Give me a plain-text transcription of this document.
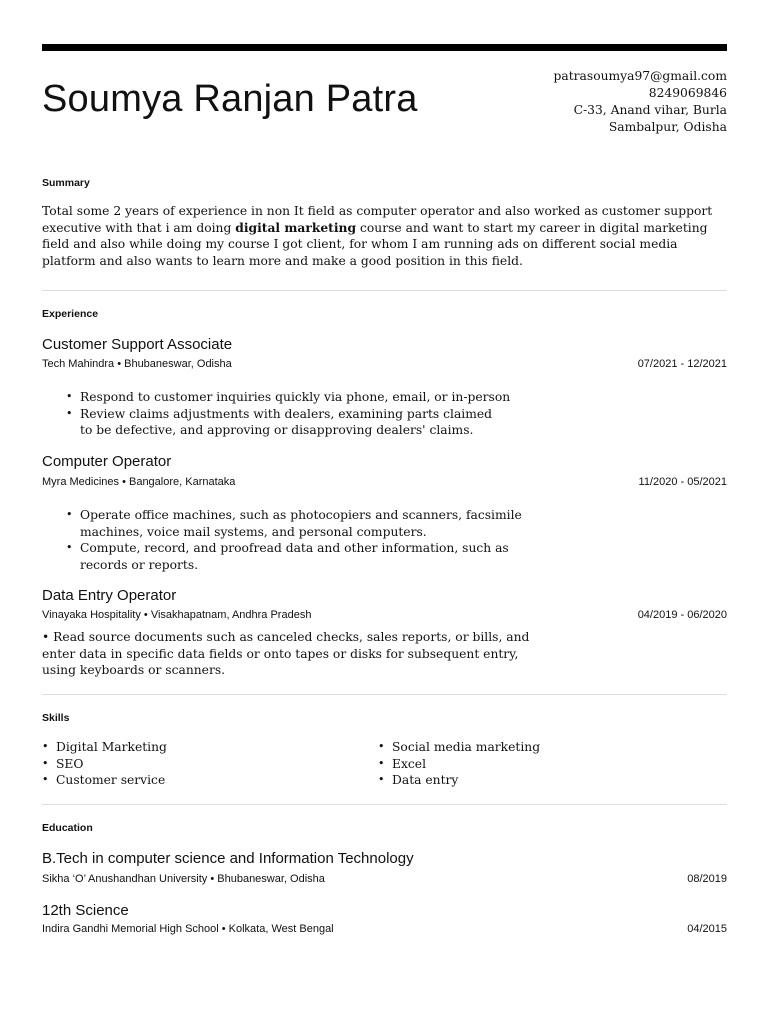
Soumya Ranjan Patra
patrasoumya97@gmail.com
8249069846
C-33, Anand vihar, Burla
Sambalpur, Odisha
Summary
Total some 2 years of experience in non It field as computer operator and also worked as customer support executive with that i am doing digital marketing course and want to start my career in digital marketing field and also while doing my course I got client, for whom I am running ads on different social media platform and also wants to learn more and make a good position in this field.
Experience
Customer Support Associate
Tech Mahindra • Bhubaneswar, Odisha	07/2021 - 12/2021
• Respond to customer inquiries quickly via phone, email, or in-person
• Review claims adjustments with dealers, examining parts claimed to be defective, and approving or disapproving dealers' claims.
Computer Operator
Myra Medicines • Bangalore, Karnataka	11/2020 - 05/2021
• Operate office machines, such as photocopiers and scanners, facsimile machines, voice mail systems, and personal computers.
• Compute, record, and proofread data and other information, such as records or reports.
Data Entry Operator
Vinayaka Hospitality • Visakhapatnam, Andhra Pradesh	04/2019 - 06/2020
• Read source documents such as canceled checks, sales reports, or bills, and enter data in specific data fields or onto tapes or disks for subsequent entry, using keyboards or scanners.
Skills
• Digital Marketing
• SEO
• Customer service
• Social media marketing
• Excel
• Data entry
Education
B.Tech in computer science and Information Technology
Sikha ‘O’ Anushandhan University • Bhubaneswar, Odisha	08/2019
12th Science
Indira Gandhi Memorial High School • Kolkata, West Bengal	04/2015
